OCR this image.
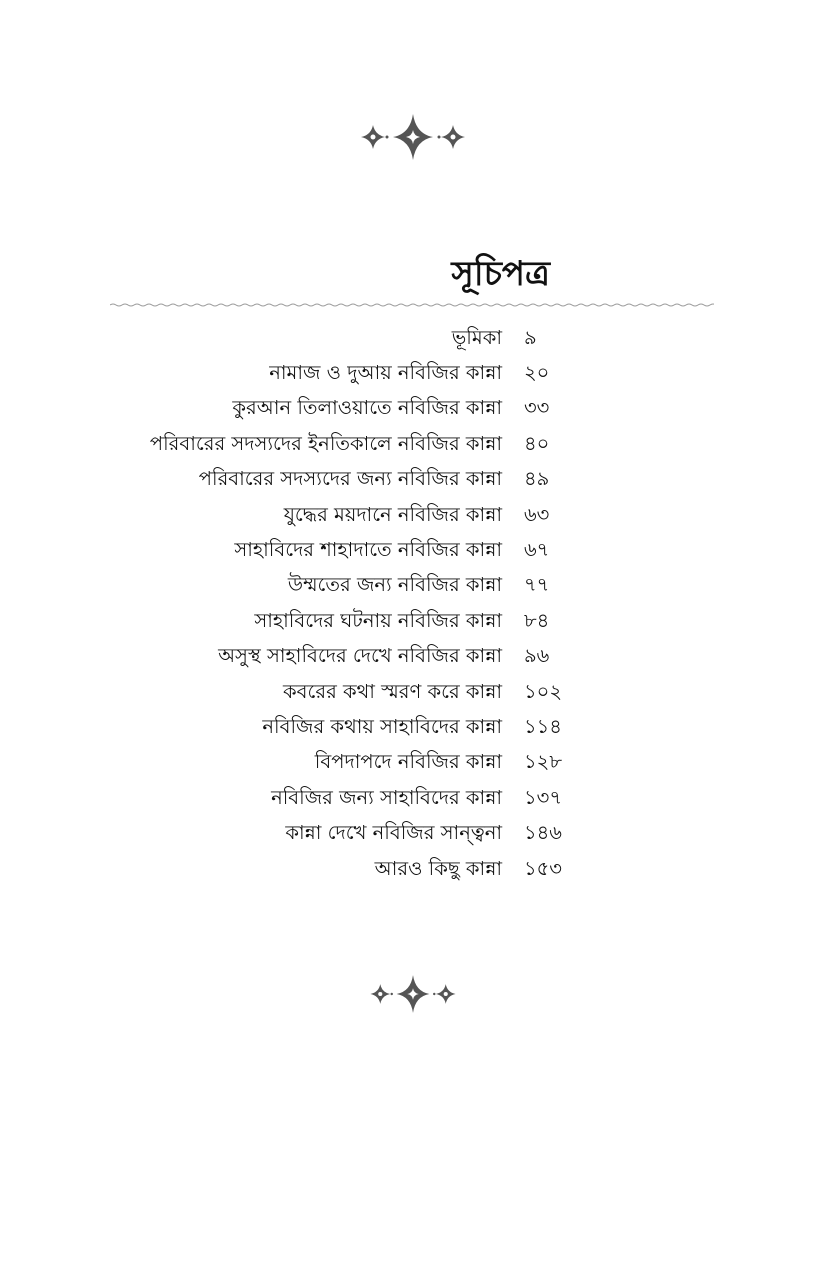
সূচিপত্র
ভূমিকা	৯
নামাজ ও দুআয় নবিজির কান্না	২০
কুরআন তিলাওয়াতে নবিজির কান্না	৩৩
পরিবারের সদস্যদের ইনতিকালে নবিজির কান্না	৪০
পরিবারের সদস্যদের জন্য নবিজির কান্না	৪৯
যুদ্ধের ময়দানে নবিজির কান্না	৬৩
সাহাবিদের শাহাদাতে নবিজির কান্না	৬৭
উম্মতের জন্য নবিজির কান্না	৭৭
সাহাবিদের ঘটনায় নবিজির কান্না	৮৪
অসুস্থ সাহাবিদের দেখে নবিজির কান্না	৯৬
কবরের কথা স্মরণ করে কান্না	১০২
নবিজির কথায় সাহাবিদের কান্না	১১৪
বিপদাপদে নবিজির কান্না	১২৮
নবিজির জন্য সাহাবিদের কান্না	১৩৭
কান্না দেখে নবিজির সান্ত্বনা	১৪৬
আরও কিছু কান্না	১৫৩
